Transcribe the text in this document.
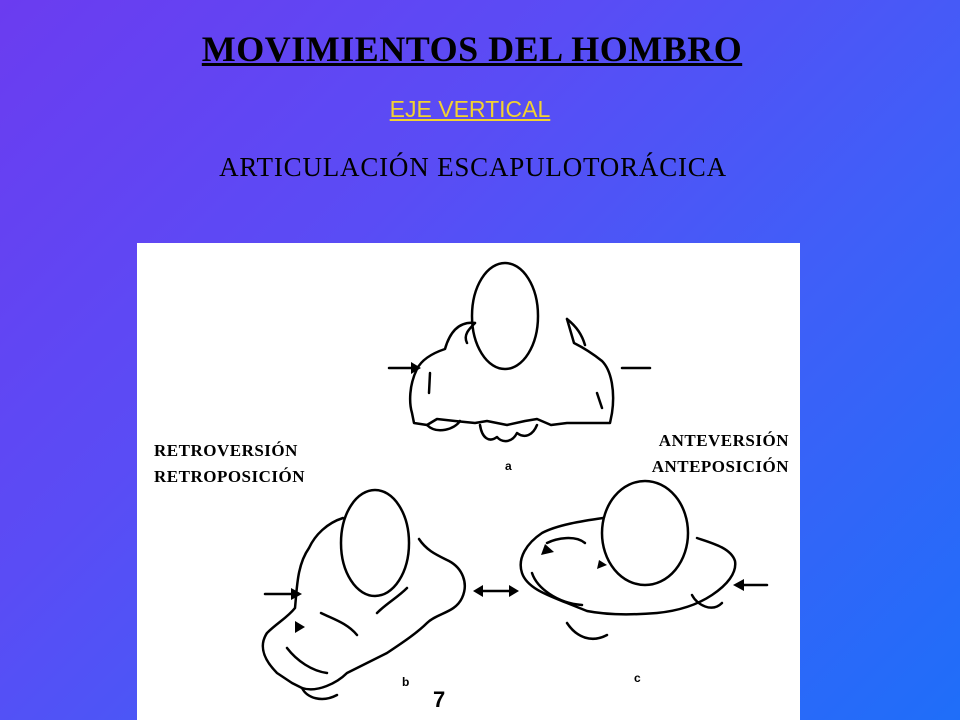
MOVIMIENTOS DEL HOMBRO
EJE VERTICAL
ARTICULACIÓN ESCAPULOTORÁCICA
RETROVERSIÓN
RETROPOSICIÓN
ANTEVERSIÓN
ANTEPOSICIÓN
a
b	c
7
